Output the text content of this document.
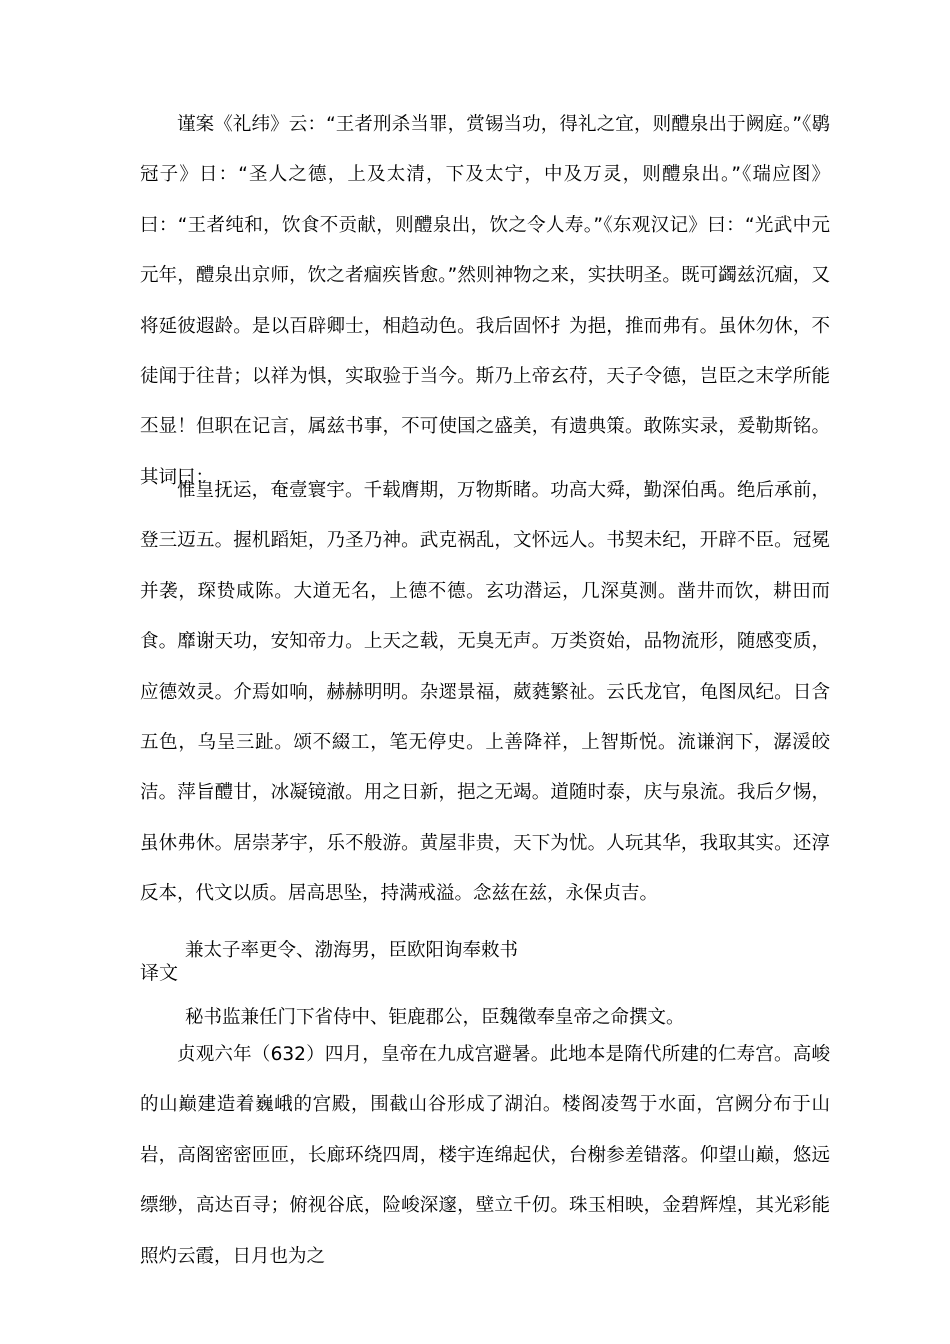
谨案《礼纬》云：“王者刑杀当罪，赏锡当功，得礼之宜，则醴泉出于阙庭。”《鹖冠子》日：“圣人之德，上及太清，下及太宁，中及万灵，则醴泉出。”《瑞应图》曰：“王者纯和，饮食不贡献，则醴泉出，饮之令人寿。”《东观汉记》曰：“光武中元元年，醴泉出京师，饮之者痼疾皆愈。”然则神物之来，实扶明圣。既可蠲兹沉痼，又将延彼遐龄。是以百辟卿士，相趋动色。我后固怀扌为挹，推而弗有。虽休勿休，不徒闻于往昔；以祥为惧，实取验于当今。斯乃上帝玄苻，天子令德，岂臣之末学所能丕显！但职在记言，属兹书事，不可使国之盛美，有遗典策。敢陈实录，爰勒斯铭。其词曰：

惟皇抚运，奄壹寰宇。千载膺期，万物斯睹。功高大舜，勤深伯禹。绝后承前，登三迈五。握机蹈矩，乃圣乃神。武克祸乱，文怀远人。书契未纪，开辟不臣。冠冕并袭，琛贽咸陈。大道无名，上德不德。玄功潜运，几深莫测。凿井而饮，耕田而食。靡谢天功，安知帝力。上天之载，无臭无声。万类资始，品物流形，随感变质，应德效灵。介焉如响，赫赫明明。杂遝景福，葳蕤繁祉。云氏龙官，龟图凤纪。日含五色，乌呈三趾。颂不綴工，笔无停史。上善降祥，上智斯悦。流谦润下，潺湲皎洁。萍旨醴甘，冰凝镜澈。用之日新，挹之无竭。道随时泰，庆与泉流。我后夕惕，虽休弗休。居崇茅宇，乐不般游。黄屋非贵，天下为忧。人玩其华，我取其实。还淳反本，代文以质。居高思坠，持满戒溢。念兹在兹，永保贞吉。

兼太子率更令、渤海男，臣欧阳询奉敕书
译文
秘书监兼任门下省侍中、钜鹿郡公，臣魏徵奉皇帝之命撰文。

贞观六年（632）四月，皇帝在九成宫避暑。此地本是隋代所建的仁寿宫。高峻的山巅建造着巍峨的宫殿，围截山谷形成了湖泊。楼阁凌驾于水面，宫阙分布于山岩，高阁密密匝匝，长廊环绕四周，楼宇连绵起伏，台榭参差错落。仰望山巅，悠远缥缈，高达百寻；俯视谷底，险峻深邃，壁立千仞。珠玉相映，金碧辉煌，其光彩能照灼云霞，日月也为之
